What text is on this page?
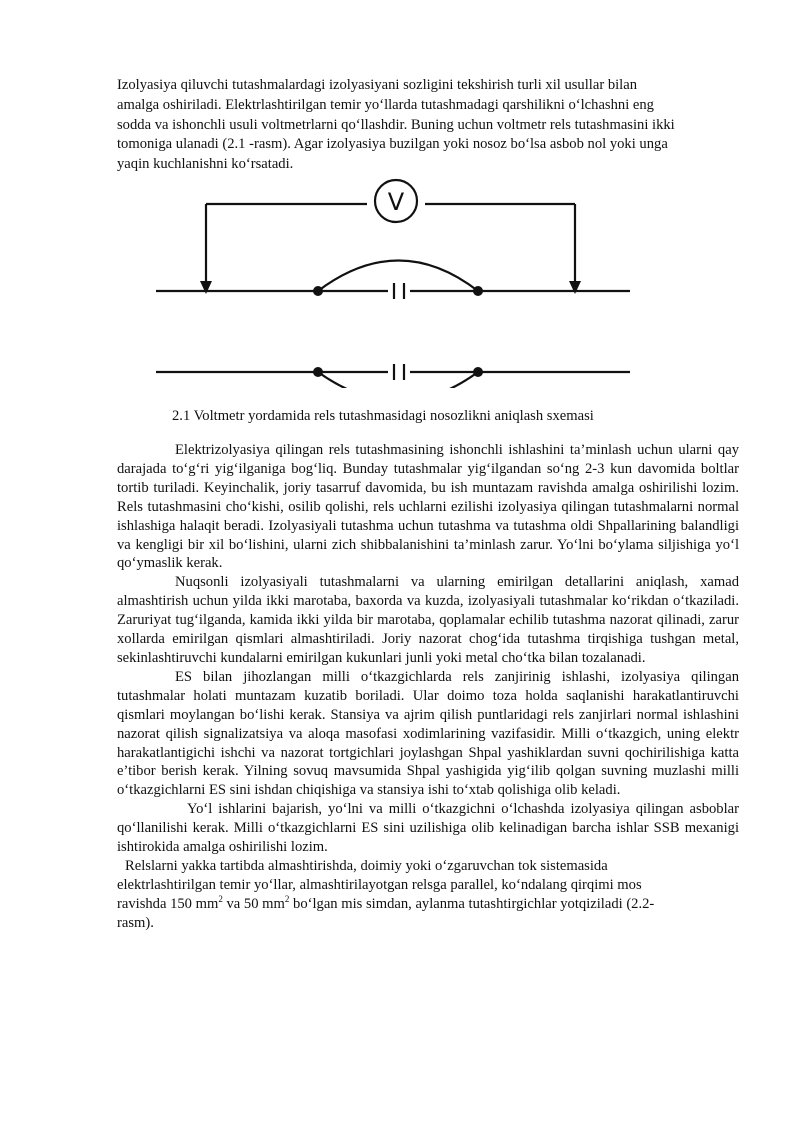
Izolyasiya qiluvchi tutashmalardagi izolyasiyani sozligini tekshirish turli xil usullar bilan
amalga oshiriladi. Elektrlashtirilgan temir yo‘llarda tutashmadagi qarshilikni o‘lchashni eng
sodda va ishonchli usuli voltmetrlarni qo‘llashdir. Buning uchun voltmetr rels tutashmasini ikki
tomoniga ulanadi (2.1 -rasm). Agar izolyasiya buzilgan yoki nosoz bo‘lsa asbob nol yoki unga
yaqin kuchlanishni ko‘rsatadi.

V

2.1 Voltmetr yordamida rels tutashmasidagi nosozlikni aniqlash sxemasi

Elektrizolyasiya qilingan rels tutashmasining ishonchli ishlashini ta’minlash uchun ularni qay darajada to‘g‘ri yig‘ilganiga bog‘liq. Bunday tutashmalar yig‘ilgandan so‘ng 2-3 kun davomida boltlar tortib turiladi. Keyinchalik, joriy tasarruf davomida, bu ish muntazam ravishda amalga oshirilishi lozim. Rels tutashmasini cho‘kishi, osilib qolishi, rels uchlarni ezilishi izolyasiya qilingan tutashmalarni normal ishlashiga halaqit beradi. Izolyasiyali tutashma uchun tutashma va tutashma oldi Shpallarining balandligi va kengligi bir xil bo‘lishini, ularni zich shibbalanishini ta’minlash zarur. Yo‘lni bo‘ylama siljishiga yo‘l qo‘ymaslik kerak.

Nuqsonli izolyasiyali tutashmalarni va ularning emirilgan detallarini aniqlash, xamad almashtirish uchun yilda ikki marotaba, baxorda va kuzda, izolyasiyali tutashmalar ko‘rikdan o‘tkaziladi. Zaruriyat tug‘ilganda, kamida ikki yilda bir marotaba, qoplamalar echilib tutashma nazorat qilinadi, zarur xollarda emirilgan qismlari almashtiriladi. Joriy nazorat chog‘ida tutashma tirqishiga tushgan metal, sekinlashtiruvchi kundalarni emirilgan kukunlari junli yoki metal cho‘tka bilan tozalanadi.

ES bilan jihozlangan milli o‘tkazgichlarda rels zanjirinig ishlashi, izolyasiya qilingan tutashmalar holati muntazam kuzatib boriladi. Ular doimo toza holda saqlanishi harakatlantiruvchi qismlari moylangan bo‘lishi kerak. Stansiya va ajrim qilish puntlaridagi rels zanjirlari normal ishlashini nazorat qilish signalizatsiya va aloqa masofasi xodimlarining vazifasidir. Milli o‘tkazgich, uning elektr harakatlantigichi ishchi va nazorat tortgichlari joylashgan Shpal yashiklardan suvni qochirilishiga katta e’tibor berish kerak. Yilning sovuq mavsumida Shpal yashigida yig‘ilib qolgan suvning muzlashi milli o‘tkazgichlarni ES sini ishdan chiqishiga va stansiya ishi to‘xtab qolishiga olib keladi.

Yo‘l ishlarini bajarish, yo‘lni va milli o‘tkazgichni o‘lchashda izolyasiya qilingan asboblar qo‘llanilishi kerak. Milli o‘tkazgichlarni ES sini uzilishiga olib kelinadigan barcha ishlar SSB mexanigi ishtirokida amalga oshirilishi lozim.

Relslarni yakka tartibda almashtirishda, doimiy yoki o‘zgaruvchan tok sistemasida
elektrlashtirilgan temir yo‘llar, almashtirilayotgan relsga parallel, ko‘ndalang qirqimi mos
ravishda 150 $mm^2$ va 50 $mm^2$ bo‘lgan mis simdan, aylanma tutashtirgichlar yotqiziladi (2.2-
rasm).
